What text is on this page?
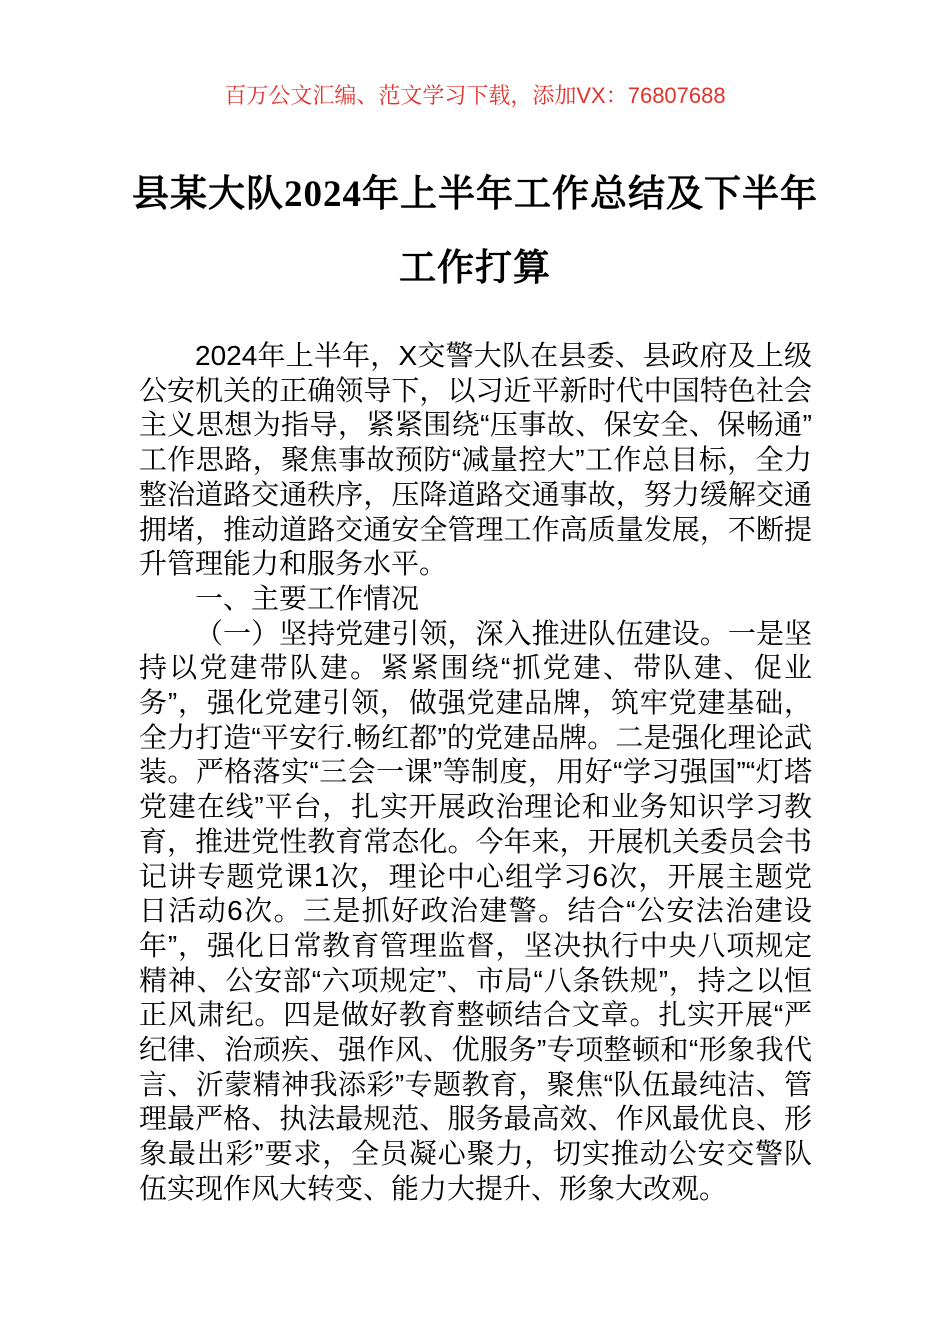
百万公文汇编、范文学习下载，添加VX：76807688
县某大队2024年上半年工作总结及下半年
工作打算

2024年上半年，X交警大队在县委、县政府及上级公安机关的正确领导下，以习近平新时代中国特色社会主义思想为指导，紧紧围绕“压事故、保安全、保畅通”工作思路，聚焦事故预防“减量控大”工作总目标，全力整治道路交通秩序，压降道路交通事故，努力缓解交通拥堵，推动道路交通安全管理工作高质量发展，不断提升管理能力和服务水平。

一、主要工作情况

（一）坚持党建引领，深入推进队伍建设。一是坚持以党建带队建。紧紧围绕“抓党建、带队建、促业务”，强化党建引领，做强党建品牌，筑牢党建基础，全力打造“平安行.畅红都”的党建品牌。二是强化理论武装。严格落实“三会一课”等制度，用好“学习强国”“灯塔党建在线”平台，扎实开展政治理论和业务知识学习教育，推进党性教育常态化。今年来，开展机关委员会书记讲专题党课1次，理论中心组学习6次，开展主题党日活动6次。三是抓好政治建警。结合“公安法治建设年”，强化日常教育管理监督，坚决执行中央八项规定精神、公安部“六项规定”、市局“八条铁规”，持之以恒正风肃纪。四是做好教育整顿结合文章。扎实开展“严纪律、治顽疾、强作风、优服务”专项整顿和“形象我代言、沂蒙精神我添彩”专题教育，聚焦“队伍最纯洁、管理最严格、执法最规范、服务最高效、作风最优良、形象最出彩”要求，全员凝心聚力，切实推动公安交警队伍实现作风大转变、能力大提升、形象大改观。
